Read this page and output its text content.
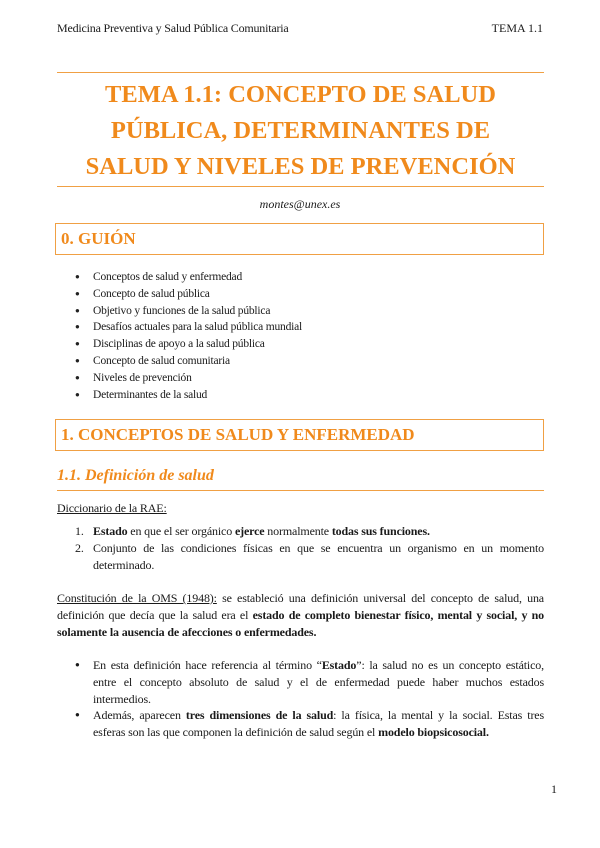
Medicina Preventiva y Salud Pública Comunitaria	TEMA 1.1
TEMA 1.1: CONCEPTO DE SALUD
PÚBLICA, DETERMINANTES DE
SALUD Y NIVELES DE PREVENCIÓN
montes@unex.es
0. GUIÓN
● Conceptos de salud y enfermedad
● Concepto de salud pública
● Objetivo y funciones de la salud pública
● Desafíos actuales para la salud pública mundial
● Disciplinas de apoyo a la salud pública
● Concepto de salud comunitaria
● Niveles de prevención
● Determinantes de la salud
1. CONCEPTOS DE SALUD Y ENFERMEDAD
1.1. Definición de salud
Diccionario de la RAE:
1. Estado en que el ser orgánico ejerce normalmente todas sus funciones.
2. Conjunto de las condiciones físicas en que se encuentra un organismo en un momento determinado.
Constitución de la OMS (1948): se estableció una definición universal del concepto de salud, una definición que decía que la salud era el estado de completo bienestar físico, mental y social, y no solamente la ausencia de afecciones o enfermedades.
● En esta definición hace referencia al término “Estado”: la salud no es un concepto estático, entre el concepto absoluto de salud y el de enfermedad puede haber muchos estados intermedios.
● Además, aparecen tres dimensiones de la salud: la física, la mental y la social. Estas tres esferas son las que componen la definición de salud según el modelo biopsicosocial.
1
